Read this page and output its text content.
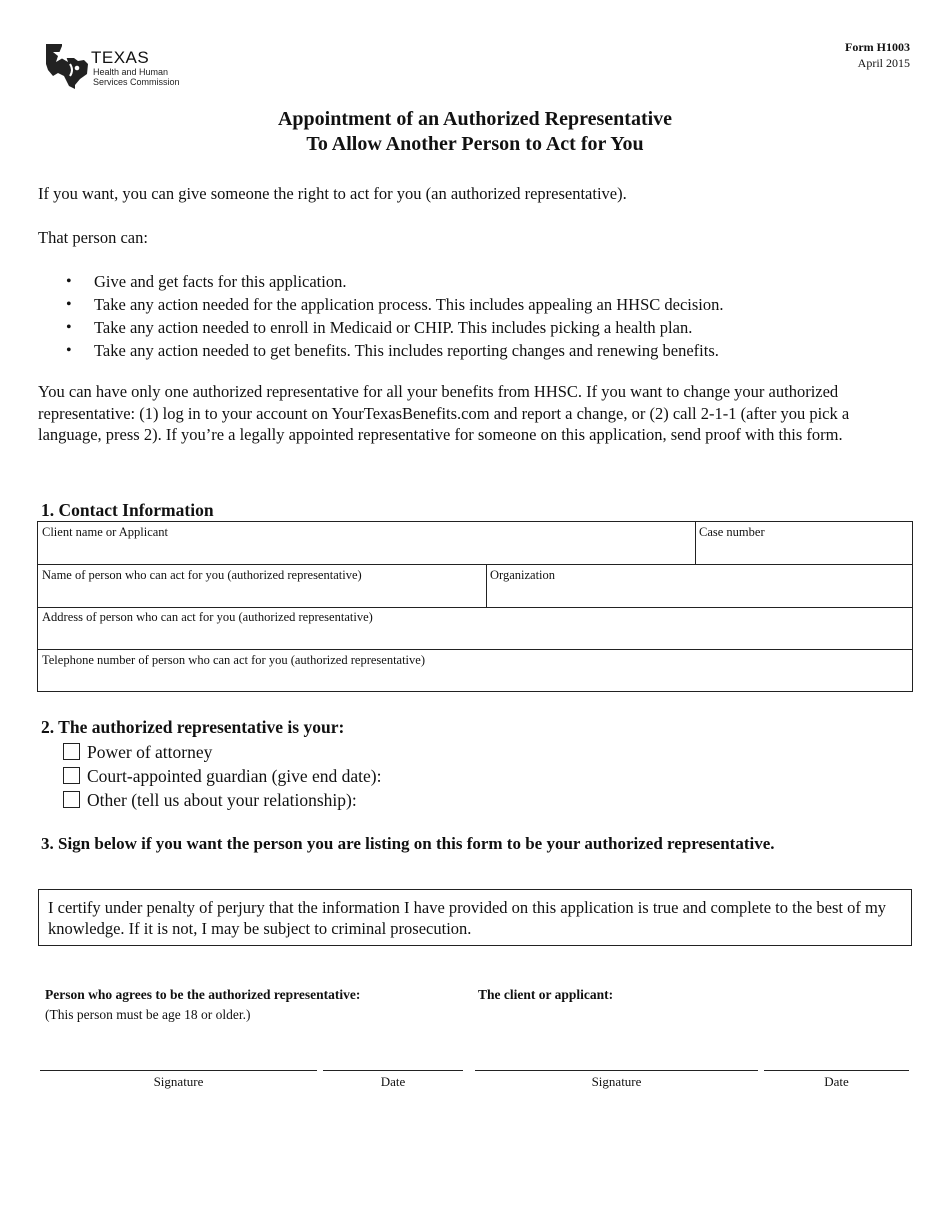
TEXAS
Health and Human
Services Commission
Form H1003
April 2015
Appointment of an Authorized Representative
To Allow Another Person to Act for You
If you want, you can give someone the right to act for you (an authorized representative).
That person can:
• Give and get facts for this application.
• Take any action needed for the application process. This includes appealing an HHSC decision.
• Take any action needed to enroll in Medicaid or CHIP. This includes picking a health plan.
• Take any action needed to get benefits. This includes reporting changes and renewing benefits.
You can have only one authorized representative for all your benefits from HHSC. If you want to change your authorized representative: (1) log in to your account on YourTexasBenefits.com and report a change, or (2) call 2-1-1 (after you pick a language, press 2). If you’re a legally appointed representative for someone on this application, send proof with this form.
1. Contact Information
Client name or Applicant	Case number
Name of person who can act for you (authorized representative)	Organization
Address of person who can act for you (authorized representative)
Telephone number of person who can act for you (authorized representative)
2. The authorized representative is your:
Power of attorney
Court-appointed guardian (give end date):
Other (tell us about your relationship):
3. Sign below if you want the person you are listing on this form to be your authorized representative.
I certify under penalty of perjury that the information I have provided on this application is true and complete to the best of my knowledge. If it is not, I may be subject to criminal prosecution.
Person who agrees to be the authorized representative:
(This person must be age 18 or older.)
The client or applicant:
Signature	Date	Signature	Date
